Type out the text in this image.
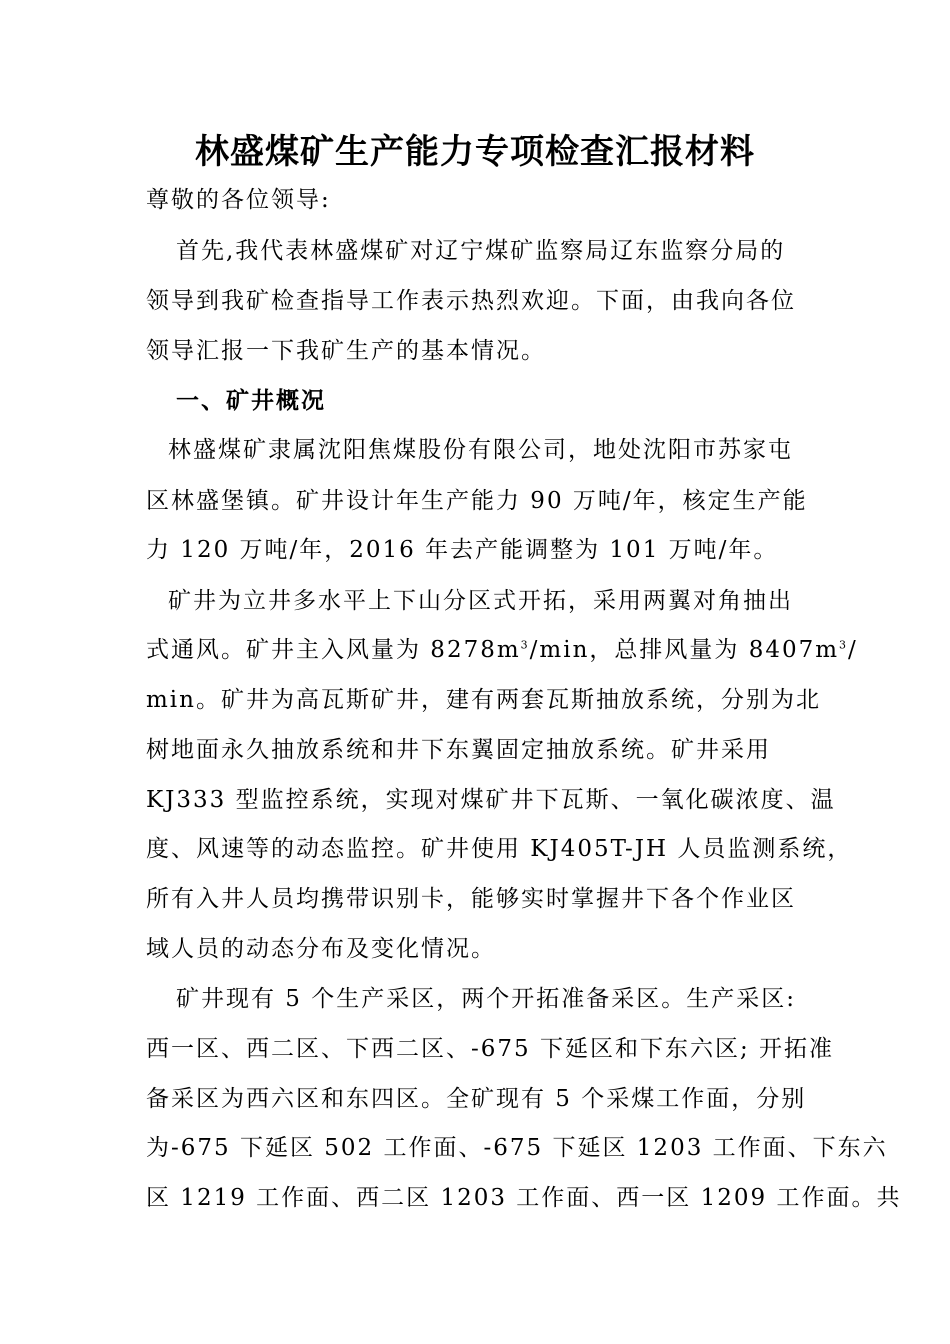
林盛煤矿生产能力专项检查汇报材料
尊敬的各位领导:
首先,我代表林盛煤矿对辽宁煤矿监察局辽东监察分局的
领导到我矿检查指导工作表示热烈欢迎。下面，由我向各位
领导汇报一下我矿生产的基本情况。
一、矿井概况
林盛煤矿隶属沈阳焦煤股份有限公司，地处沈阳市苏家屯
区林盛堡镇。矿井设计年生产能力 90 万吨/年，核定生产能
力 120 万吨/年，2016 年去产能调整为 101 万吨/年。
矿井为立井多水平上下山分区式开拓，采用两翼对角抽出
式通风。矿井主入风量为 $8278m^3/\min$，总排风量为 $8407m^3/$
min。矿井为高瓦斯矿井，建有两套瓦斯抽放系统，分别为北
树地面永久抽放系统和井下东翼固定抽放系统。矿井采用
KJ333 型监控系统，实现对煤矿井下瓦斯、一氧化碳浓度、温
度、风速等的动态监控。矿井使用 KJ405T-JH 人员监测系统，
所有入井人员均携带识别卡，能够实时掌握井下各个作业区
域人员的动态分布及变化情况。
矿井现有 5 个生产采区，两个开拓准备采区。生产采区:
西一区、西二区、下西二区、-675 下延区和下东六区; 开拓准
备采区为西六区和东四区。全矿现有 5 个采煤工作面，分别
为-675 下延区 502 工作面、-675 下延区 1203 工作面、下东六
区 1219 工作面、西二区 1203 工作面、西一区 1209 工作面。共
